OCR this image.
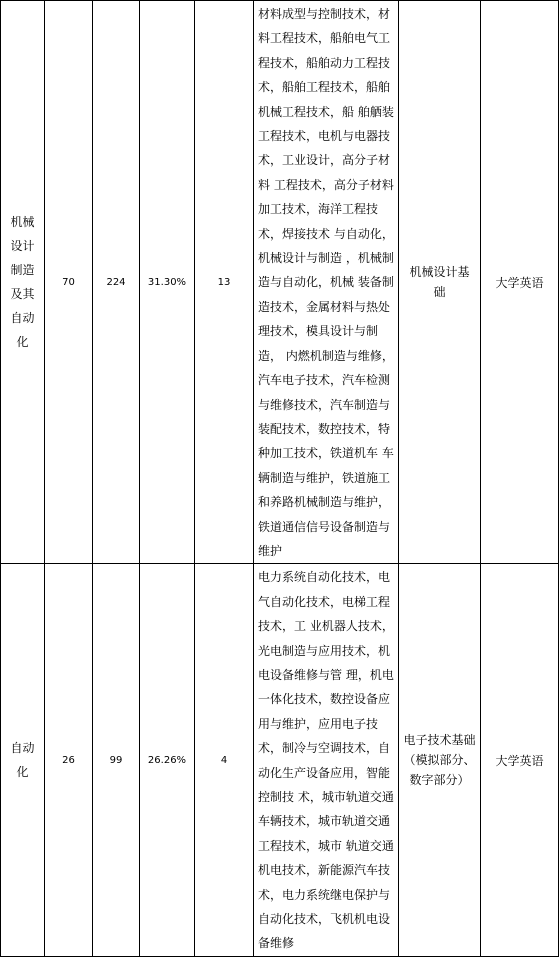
机械设计制造及其自动化	70	224	31.30%	13	材料成型与控制技术，材料工程技术，船舶电气工程技术，船舶动力工程技术，船舶工程技术，船舶机械工程技术，船 舶舾装工程技术，电机与电器技术，工业设计，高分子材料 工程技术，高分子材料加工技术，海洋工程技术，焊接技术 与自动化，机械设计与制造 ，机械制造与自动化，机械 装备制造技术，金属材料与热处理技术，模具设计与制造， 内燃机制造与维修，汽车电子技术，汽车检测与维修技术，汽车制造与装配技术，数控技术，特种加工技术，铁道机车 车辆制造与维护，铁道施工和养路机械制造与维护，铁道通信信号设备制造与维护	机械设计基础	大学英语
自动化	26	99	26.26%	4	电力系统自动化技术，电气自动化技术，电梯工程技术，工 业机器人技术，光电制造与应用技术，机电设备维修与管 理，机电一体化技术，数控设备应用与维护，应用电子技术，制冷与空调技术，自动化生产设备应用，智能控制技 术，城市轨道交通车辆技术，城市轨道交通工程技术，城市 轨道交通机电技术，新能源汽车技术，电力系统继电保护与自动化技术，飞机机电设备维修	电子技术基础（模拟部分、数字部分）	大学英语
